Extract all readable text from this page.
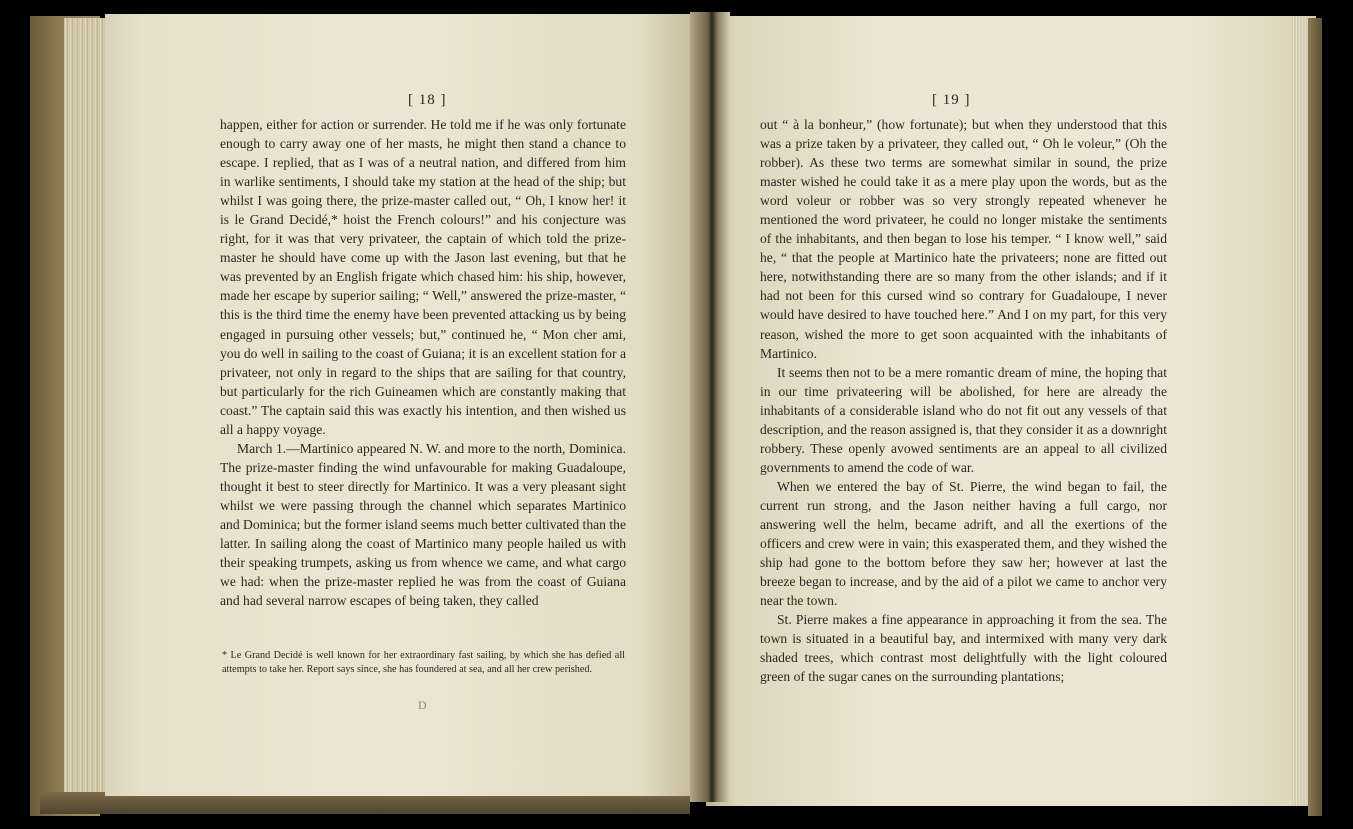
[ 18 ]

happen, either for action or surrender. He told me if he was only fortunate enough to carry away one of her masts, he might then stand a chance to escape. I replied, that as I was of a neutral nation, and differed from him in warlike sentiments, I should take my station at the head of the ship; but whilst I was going there, the prize-master called out, “ Oh, I know her! it is le Grand Decidé,* hoist the French colours!” and his conjecture was right, for it was that very privateer, the captain of which told the prize-master he should have come up with the Jason last evening, but that he was prevented by an English frigate which chased him: his ship, however, made her escape by superior sailing; “ Well,” answered the prize-master, “ this is the third time the enemy have been prevented attacking us by being engaged in pursuing other vessels; but,” continued he, “ Mon cher ami, you do well in sailing to the coast of Guiana; it is an excellent station for a privateer, not only in regard to the ships that are sailing for that country, but particularly for the rich Guineamen which are constantly making that coast.” The captain said this was exactly his intention, and then wished us all a happy voyage.

March 1.—Martinico appeared N. W. and more to the north, Dominica. The prize-master finding the wind unfavourable for making Guadaloupe, thought it best to steer directly for Martinico. It was a very pleasant sight whilst we were passing through the channel which separates Martinico and Dominica; but the former island seems much better cultivated than the latter. In sailing along the coast of Martinico many people hailed us with their speaking trumpets, asking us from whence we came, and what cargo we had: when the prize-master replied he was from the coast of Guiana and had several narrow escapes of being taken, they called

* Le Grand Decidé is well known for her extraordinary fast sailing, by which she has defied all attempts to take her. Report says since, she has foundered at sea, and all her crew perished.
D
[ 19 ]

out “ à la bonheur,” (how fortunate); but when they understood that this was a prize taken by a privateer, they called out, “ Oh le voleur,” (Oh the robber). As these two terms are somewhat similar in sound, the prize master wished he could take it as a mere play upon the words, but as the word voleur or robber was so very strongly repeated whenever he mentioned the word privateer, he could no longer mistake the sentiments of the inhabitants, and then began to lose his temper. “ I know well,” said he, “ that the people at Martinico hate the privateers; none are fitted out here, notwithstanding there are so many from the other islands; and if it had not been for this cursed wind so contrary for Guadaloupe, I never would have desired to have touched here.” And I on my part, for this very reason, wished the more to get soon acquainted with the inhabitants of Martinico.

It seems then not to be a mere romantic dream of mine, the hoping that in our time privateering will be abolished, for here are already the inhabitants of a considerable island who do not fit out any vessels of that description, and the reason assigned is, that they consider it as a downright robbery. These openly avowed sentiments are an appeal to all civilized governments to amend the code of war.

When we entered the bay of St. Pierre, the wind began to fail, the current run strong, and the Jason neither having a full cargo, nor answering well the helm, became adrift, and all the exertions of the officers and crew were in vain; this exasperated them, and they wished the ship had gone to the bottom before they saw her; however at last the breeze began to increase, and by the aid of a pilot we came to anchor very near the town.

St. Pierre makes a fine appearance in approaching it from the sea. The town is situated in a beautiful bay, and intermixed with many very dark shaded trees, which contrast most delightfully with the light coloured green of the sugar canes on the surrounding plantations;
